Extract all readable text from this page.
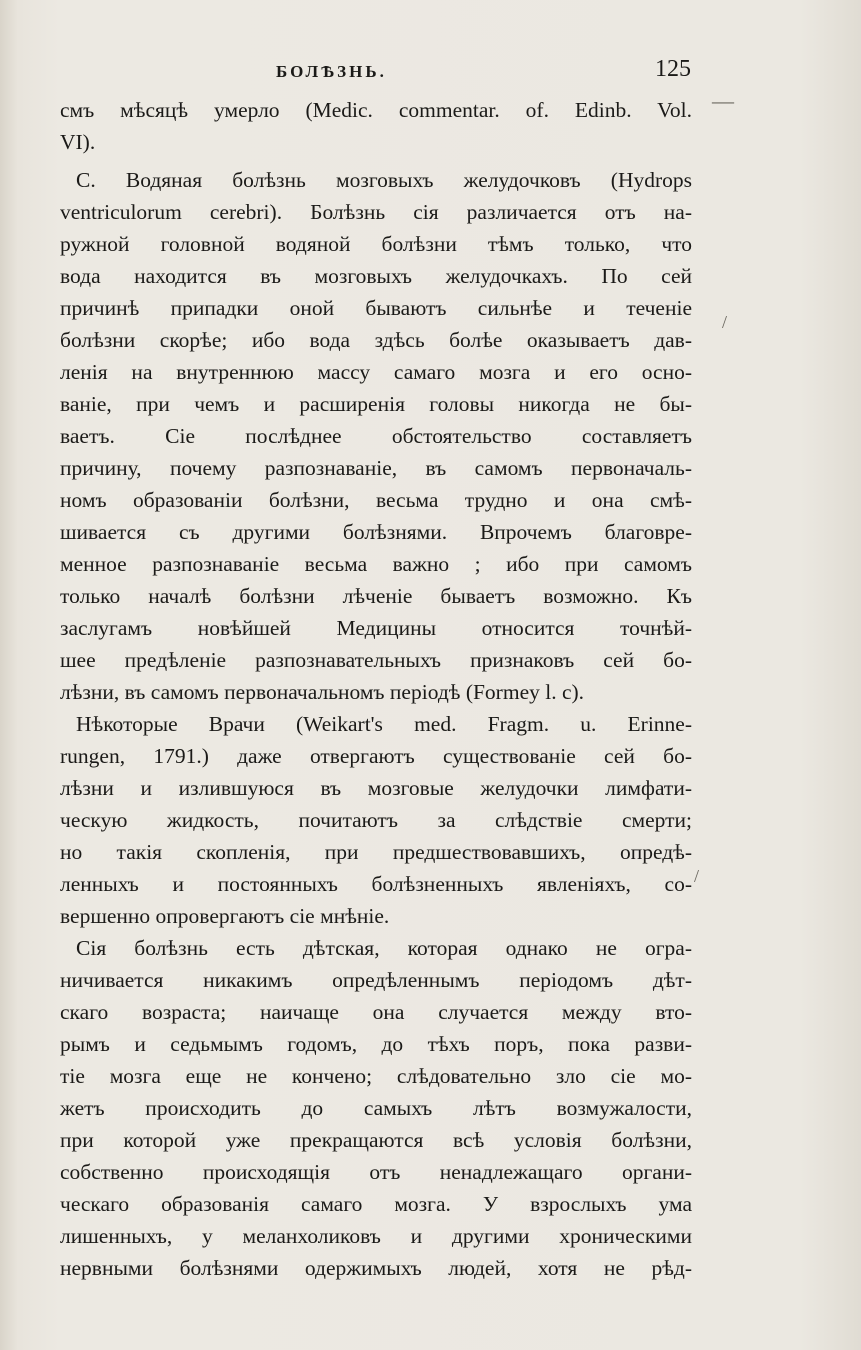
БОЛѢЗНЬ.	125
—
/
/
смъ мѣсяцѣ умерло (Medic. commentar. of. Edinb. Vol.
VI).
C. Водяная болѣзнь мозговыхъ желудочковъ (Hydrops
ventriculorum cerebri). Болѣзнь сія различается отъ на-
ружной головной водяной болѣзни тѣмъ только, что
вода находится въ мозговыхъ желудочкахъ. По сей
причинѣ припадки оной бываютъ сильнѣе и теченіе
болѣзни скорѣе; ибо вода здѣсь болѣе оказываетъ дав-
ленія на внутреннюю массу самаго мозга и его осно-
ваніе, при чемъ и расширенія головы никогда не бы-
ваетъ. Сіе послѣднее обстоятельство составляетъ
причину, почему разпознаваніе, въ самомъ первоначаль-
номъ образованіи болѣзни, весьма трудно и она смѣ-
шивается съ другими болѣзнями. Впрочемъ благовре-
менное разпознаваніе весьма важно ; ибо при самомъ
только началѣ болѣзни лѣченіе бываетъ возможно. Къ
заслугамъ новѣйшей Медицины относится точнѣй-
шее предѣленіе разпознавательныхъ признаковъ сей бо-
лѣзни, въ самомъ первоначальномъ періодѣ (Formey l. c).
Нѣкоторые Врачи (Weikart's med. Fragm. u. Erinne-
rungen, 1791.) даже отвергаютъ существованіе сей бо-
лѣзни и излившуюся въ мозговые желудочки лимфати-
ческую жидкость, почитаютъ за слѣдствіе смерти;
но такія скопленія, при предшествовавшихъ, опредѣ-
ленныхъ и постоянныхъ болѣзненныхъ явленіяхъ, со-
вершенно опровергаютъ сіе мнѣніе.
Сія болѣзнь есть дѣтская, которая однако не огра-
ничивается никакимъ опредѣленнымъ періодомъ дѣт-
скаго возраста; наичаще она случается между вто-
рымъ и седьмымъ годомъ, до тѣхъ поръ, пока разви-
тіе мозга еще не кончено; слѣдовательно зло сіе мо-
жетъ происходить до самыхъ лѣтъ возмужалости,
при которой уже прекращаются всѣ условія болѣзни,
собственно происходящія отъ ненадлежащаго органи-
ческаго образованія самаго мозга. У взрослыхъ ума
лишенныхъ, у меланхоликовъ и другими хроническими
нервными болѣзнями одержимыхъ людей, хотя не рѣд-
